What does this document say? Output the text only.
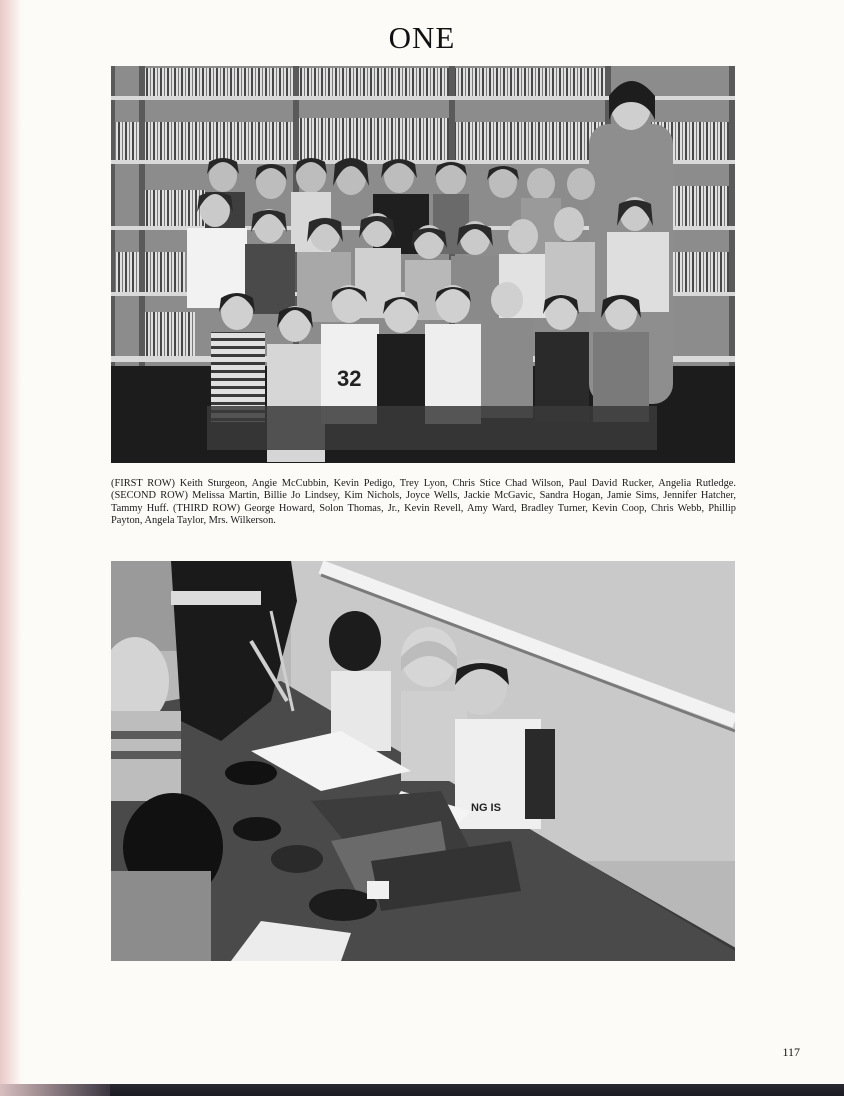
ONE
32
(FIRST ROW) Keith Sturgeon, Angie McCubbin, Kevin Pedigo, Trey Lyon, Chris Stice Chad Wilson, Paul David Rucker, Angelia Rutledge. (SECOND ROW) Melissa Martin, Billie Jo Lindsey, Kim Nichols, Joyce Wells, Jackie McGavic, Sandra Hogan, Jamie Sims, Jennifer Hatcher, Tammy Huff. (THIRD ROW) George Howard, Solon Thomas, Jr., Kevin Revell, Amy Ward, Bradley Turner, Kevin Coop, Chris Webb, Phillip Payton, Angela Taylor, Mrs. Wilkerson.
NG IS
117
